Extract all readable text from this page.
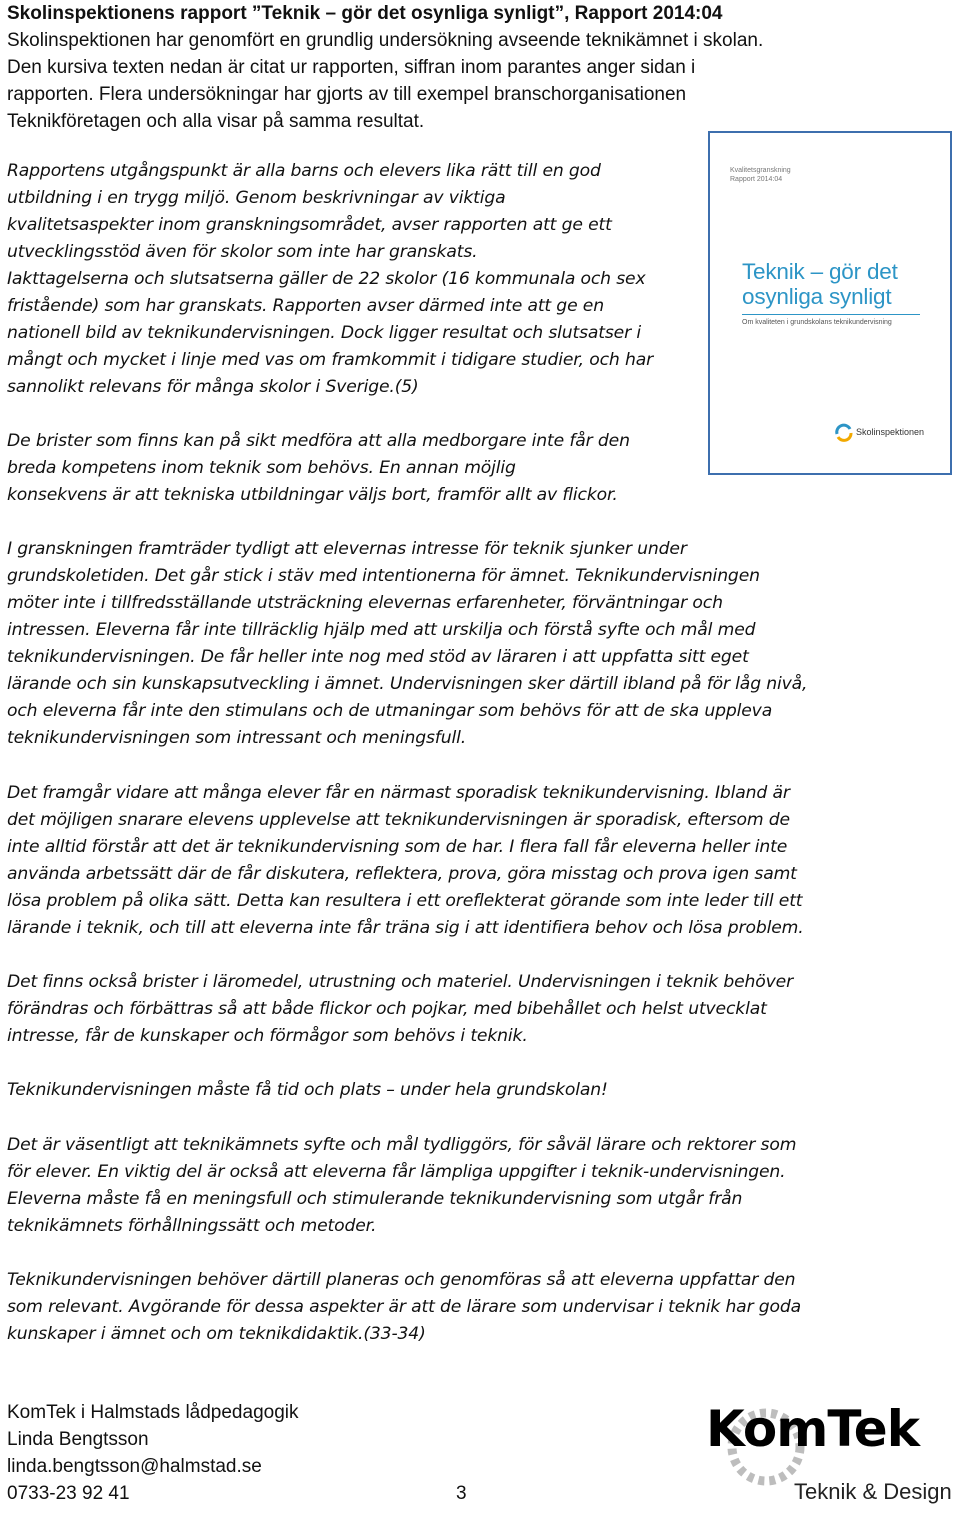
Skolinspektionens rapport ”Teknik – gör det osynliga synligt”, Rapport 2014:04
Skolinspektionen har genomfört en grundlig undersökning avseende teknikämnet i skolan.
Den kursiva texten nedan är citat ur rapporten, siffran inom parantes anger sidan i
rapporten. Flera undersökningar har gjorts av till exempel branschorganisationen
Teknikföretagen och alla visar på samma resultat.
Kvalitetsgranskning
Rapport 2014:04
Teknik – gör det
osynliga synligt
Om kvaliteten i grundskolans teknikundervisning
Skolinspektionen
Rapportens utgångspunkt är alla barns och elevers lika rätt till en god
utbildning i en trygg miljö. Genom beskrivningar av viktiga
kvalitetsaspekter inom granskningsområdet, avser rapporten att ge ett
utvecklingsstöd även för skolor som inte har granskats.
Iakttagelserna och slutsatserna gäller de 22 skolor (16 kommunala och sex
fristående) som har granskats. Rapporten avser därmed inte att ge en
nationell bild av teknikundervisningen. Dock ligger resultat och slutsatser i
mångt och mycket i linje med vas om framkommit i tidigare studier, och har
sannolikt relevans för många skolor i Sverige.(5)
De brister som finns kan på sikt medföra att alla medborgare inte får den
breda kompetens inom teknik som behövs. En annan möjlig
konsekvens är att tekniska utbildningar väljs bort, framför allt av flickor.
I granskningen framträder tydligt att elevernas intresse för teknik sjunker under
grundskoletiden. Det går stick i stäv med intentionerna för ämnet. Teknikundervisningen
möter inte i tillfredsställande utsträckning elevernas erfarenheter, förväntningar och
intressen. Eleverna får inte tillräcklig hjälp med att urskilja och förstå syfte och mål med
teknikundervisningen. De får heller inte nog med stöd av läraren i att uppfatta sitt eget
lärande och sin kunskapsutveckling i ämnet. Undervisningen sker därtill ibland på för låg nivå,
och eleverna får inte den stimulans och de utmaningar som behövs för att de ska uppleva
teknikundervisningen som intressant och meningsfull.
Det framgår vidare att många elever får en närmast sporadisk teknikundervisning. Ibland är
det möjligen snarare elevens upplevelse att teknikundervisningen är sporadisk, eftersom de
inte alltid förstår att det är teknikundervisning som de har. I flera fall får eleverna heller inte
använda arbetssätt där de får diskutera, reflektera, prova, göra misstag och prova igen samt
lösa problem på olika sätt. Detta kan resultera i ett oreflekterat görande som inte leder till ett
lärande i teknik, och till att eleverna inte får träna sig i att identifiera behov och lösa problem.
Det finns också brister i läromedel, utrustning och materiel. Undervisningen i teknik behöver
förändras och förbättras så att både flickor och pojkar, med bibehållet och helst utvecklat
intresse, får de kunskaper och förmågor som behövs i teknik.
Teknikundervisningen måste få tid och plats – under hela grundskolan!
Det är väsentligt att teknikämnets syfte och mål tydliggörs, för såväl lärare och rektorer som
för elever. En viktig del är också att eleverna får lämpliga uppgifter i teknik-undervisningen.
Eleverna måste få en meningsfull och stimulerande teknikundervisning som utgår från
teknikämnets förhållningssätt och metoder.
Teknikundervisningen behöver därtill planeras och genomföras så att eleverna uppfattar den
som relevant. Avgörande för dessa aspekter är att de lärare som undervisar i teknik har goda
kunskaper i ämnet och om teknikdidaktik.(33-34)
KomTek i Halmstads lådpedagogik
Linda Bengtsson
linda.bengtsson@halmstad.se
0733-23 92 41	3
KomTek
Teknik & Design
